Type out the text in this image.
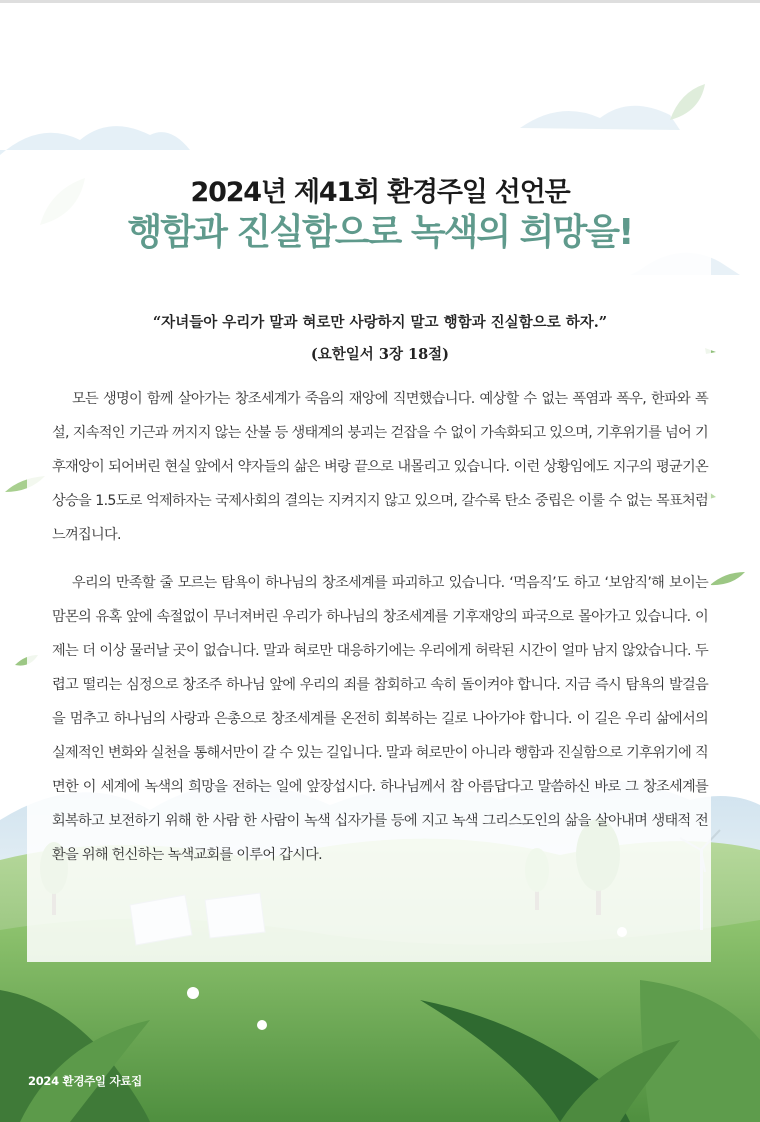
2024년 제41회 환경주일 선언문
행함과 진실함으로 녹색의 희망을!
“자녀들아 우리가 말과 혀로만 사랑하지 말고 행함과 진실함으로 하자.”
(요한일서 3장 18절)

모든 생명이 함께 살아가는 창조세계가 죽음의 재앙에 직면했습니다. 예상할 수 없는 폭염과 폭우, 한파와 폭설, 지속적인 기근과 꺼지지 않는 산불 등 생태계의 붕괴는 걷잡을 수 없이 가속화되고 있으며, 기후위기를 넘어 기후재앙이 되어버린 현실 앞에서 약자들의 삶은 벼랑 끝으로 내몰리고 있습니다. 이런 상황임에도 지구의 평균기온 상승을 1.5도로 억제하자는 국제사회의 결의는 지켜지지 않고 있으며, 갈수록 탄소 중립은 이룰 수 없는 목표처럼 느껴집니다.

우리의 만족할 줄 모르는 탐욕이 하나님의 창조세계를 파괴하고 있습니다. ‘먹음직’도 하고 ‘보암직’해 보이는 맘몬의 유혹 앞에 속절없이 무너져버린 우리가 하나님의 창조세계를 기후재앙의 파국으로 몰아가고 있습니다. 이제는 더 이상 물러날 곳이 없습니다. 말과 혀로만 대응하기에는 우리에게 허락된 시간이 얼마 남지 않았습니다. 두렵고 떨리는 심정으로 창조주 하나님 앞에 우리의 죄를 참회하고 속히 돌이켜야 합니다. 지금 즉시 탐욕의 발걸음을 멈추고 하나님의 사랑과 은총으로 창조세계를 온전히 회복하는 길로 나아가야 합니다. 이 길은 우리 삶에서의 실제적인 변화와 실천을 통해서만이 갈 수 있는 길입니다. 말과 혀로만이 아니라 행함과 진실함으로 기후위기에 직면한 이 세계에 녹색의 희망을 전하는 일에 앞장섭시다. 하나님께서 참 아름답다고 말씀하신 바로 그 창조세계를 회복하고 보전하기 위해 한 사람 한 사람이 녹색 십자가를 등에 지고 녹색 그리스도인의 삶을 살아내며 생태적 전환을 위해 헌신하는 녹색교회를 이루어 갑시다.

2024 환경주일 자료집
